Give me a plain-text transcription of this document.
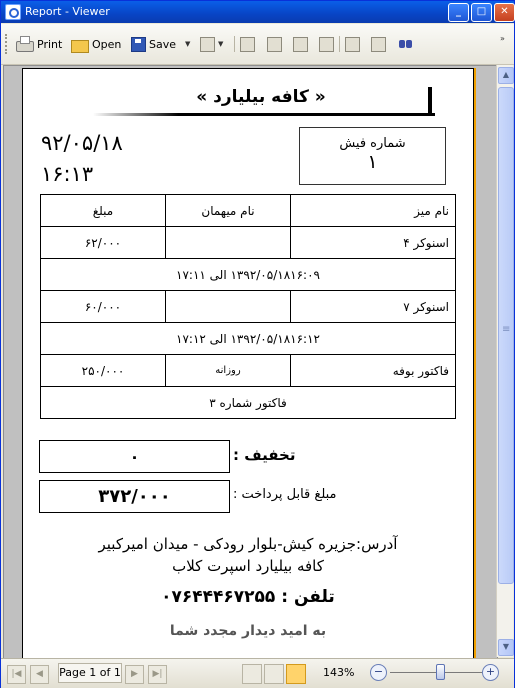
Report - Viewer	_	□	✕
Print	Open	Save ▼	▼
»
« کافه بیلیارد »
۹۲/۰۵/۱۸
۱۶:۱۳
شماره فیش
۱
مبلغ	نام میهمان	نام میز
۶۲/۰۰۰		اسنوکر ۴
۱۳۹۲/۰۵/۱۸۱۶:۰۹ الی ۱۷:۱۱		
۶۰/۰۰۰		اسنوکر ۷
۱۳۹۲/۰۵/۱۸۱۶:۱۲ الی ۱۷:۱۲		
۲۵۰/۰۰۰	روزانه	فاکتور بوفه
فاکتور شماره ۳		
۰	تخفیف :
۳۷۲/۰۰۰	مبلغ قابل پرداخت :
آدرس:جزیره کیش-بلوار رودکی - میدان امیرکبیر
کافه بیلیارد اسپرت کلاب
تلفن : ۰۷۶۴۴۴۶۷۲۵۵
به امید دیدار مجدد شما
▲
≡
▼
|◀	◀	Page 1 of 1	▶	▶|	143%	−	+
